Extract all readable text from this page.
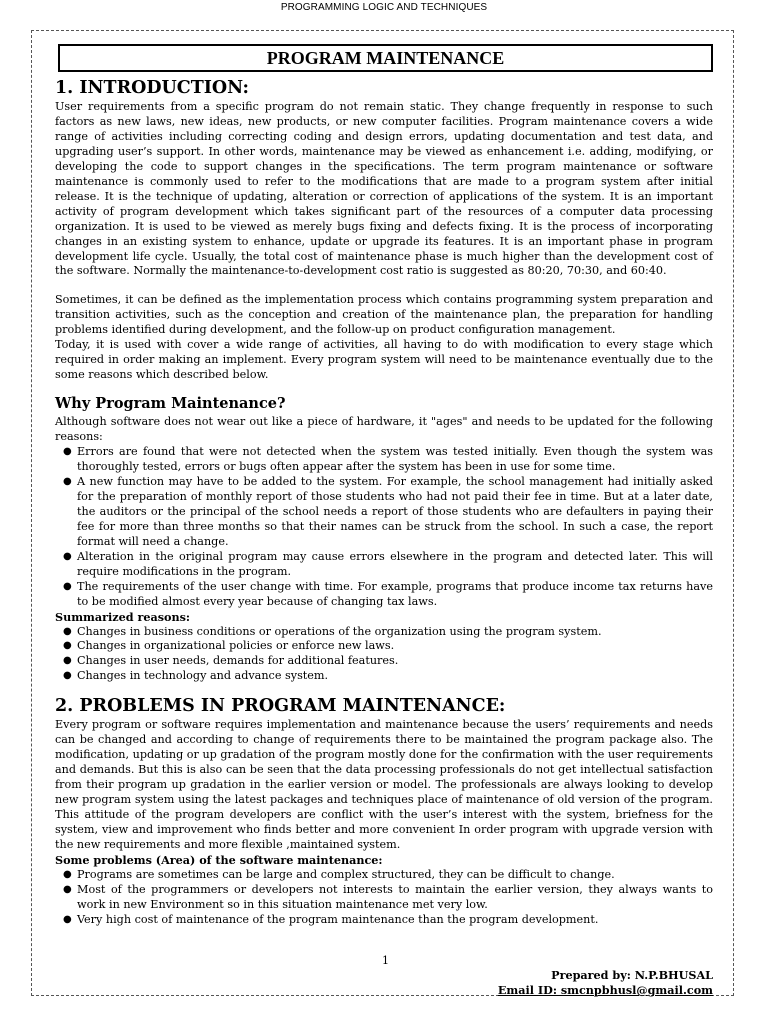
PROGRAMMING LOGIC AND TECHNIQUES
PROGRAM MAINTENANCE
1. INTRODUCTION:

User requirements from a specific program do not remain static. They change frequently in response to such factors as new laws, new ideas, new products, or new computer facilities. Program maintenance covers a wide range of activities including correcting coding and design errors, updating documentation and test data, and upgrading user’s support. In other words, maintenance may be viewed as enhancement i.e. adding, modifying, or developing the code to support changes in the specifications. The term program maintenance or software maintenance is commonly used to refer to the modifications that are made to a program system after initial release. It is the technique of updating, alteration or correction of applications of the system. It is an important activity of program development which takes significant part of the resources of a computer data processing organization. It is used to be viewed as merely bugs fixing and defects fixing. It is the process of incorporating changes in an existing system to enhance, update or upgrade its features. It is an important phase in program development life cycle. Usually, the total cost of maintenance phase is much higher than the development cost of the software. Normally the maintenance-to-development cost ratio is suggested as 80:20, 70:30, and 60:40.

Sometimes, it can be defined as the implementation process which contains programming system preparation and transition activities, such as the conception and creation of the maintenance plan, the preparation for handling problems identified during development, and the follow-up on product configuration management.

Today, it is used with cover a wide range of activities, all having to do with modification to every stage which required in order making an implement. Every program system will need to be maintenance eventually due to the some reasons which described below.

Why Program Maintenance?

Although software does not wear out like a piece of hardware, it "ages" and needs to be updated for the following reasons:

● Errors are found that were not detected when the system was tested initially. Even though the system was thoroughly tested, errors or bugs often appear after the system has been in use for some time.
● A new function may have to be added to the system. For example, the school management had initially asked for the preparation of monthly report of those students who had not paid their fee in time. But at a later date, the auditors or the principal of the school needs a report of those students who are defaulters in paying their fee for more than three months so that their names can be struck from the school. In such a case, the report format will need a change.
● Alteration in the original program may cause errors elsewhere in the program and detected later. This will require modifications in the program.
● The requirements of the user change with time. For example, programs that produce income tax returns have to be modified almost every year because of changing tax laws.

Summarized reasons:

● Changes in business conditions or operations of the organization using the program system.
● Changes in organizational policies or enforce new laws.
● Changes in user needs, demands for additional features.
● Changes in technology and advance system.
2. PROBLEMS IN PROGRAM MAINTENANCE:

Every program or software requires implementation and maintenance because the users’ requirements and needs can be changed and according to change of requirements there to be maintained the program package also. The modification, updating or up gradation of the program mostly done for the confirmation with the user requirements and demands. But this is also can be seen that the data processing professionals do not get intellectual satisfaction from their program up gradation in the earlier version or model. The professionals are always looking to develop new program system using the latest packages and techniques place of maintenance of old version of the program. This attitude of the program developers are conflict with the user’s interest with the system, briefness for the system, view and improvement who finds better and more convenient In order program with upgrade version with the new requirements and more flexible ,maintained system.

Some problems (Area) of the software maintenance:

● Programs are sometimes can be large and complex structured, they can be difficult to change.
● Most of the programmers or developers not interests to maintain the earlier version, they always wants to work in new Environment so in this situation maintenance met very low.
● Very high cost of maintenance of the program maintenance than the program development.
1
Prepared by: N.P.BHUSAL
Email ID: smcnpbhusl@gmail.com
